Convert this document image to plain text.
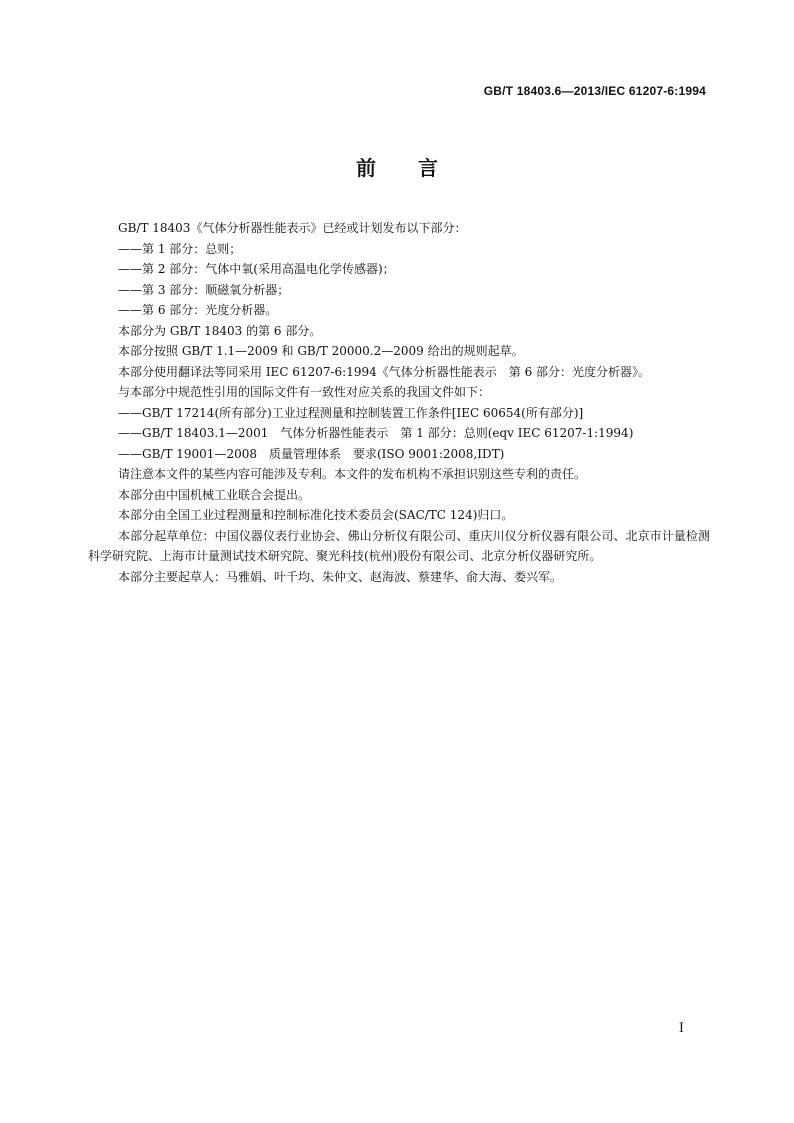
GB/T 18403.6—2013/IEC 61207-6:1994
前 言

GB/T 18403《气体分析器性能表示》已经或计划发布以下部分：

——第 1 部分：总则；

——第 2 部分：气体中氧(采用高温电化学传感器)；

——第 3 部分：顺磁氧分析器；

——第 6 部分：光度分析器。

本部分为 GB/T 18403 的第 6 部分。

本部分按照 GB/T 1.1—2009 和 GB/T 20000.2—2009 给出的规则起草。

本部分使用翻译法等同采用 IEC 61207-6:1994《气体分析器性能表示　第 6 部分：光度分析器》。

与本部分中规范性引用的国际文件有一致性对应关系的我国文件如下：

——GB/T 17214(所有部分)工业过程测量和控制装置工作条件[IEC 60654(所有部分)]

——GB/T 18403.1—2001　气体分析器性能表示　第 1 部分：总则(eqv IEC 61207-1:1994)

——GB/T 19001—2008　质量管理体系　要求(ISO 9001:2008,IDT)

请注意本文件的某些内容可能涉及专利。本文件的发布机构不承担识别这些专利的责任。

本部分由中国机械工业联合会提出。

本部分由全国工业过程测量和控制标准化技术委员会(SAC/TC 124)归口。

本部分起草单位：中国仪器仪表行业协会、佛山分析仪有限公司、重庆川仪分析仪器有限公司、北京市计量检测科学研究院、上海市计量测试技术研究院、聚光科技(杭州)股份有限公司、北京分析仪器研究所。

本部分主要起草人：马雅娟、叶千均、朱仲文、赵海波、蔡建华、俞大海、娄兴军。

I
